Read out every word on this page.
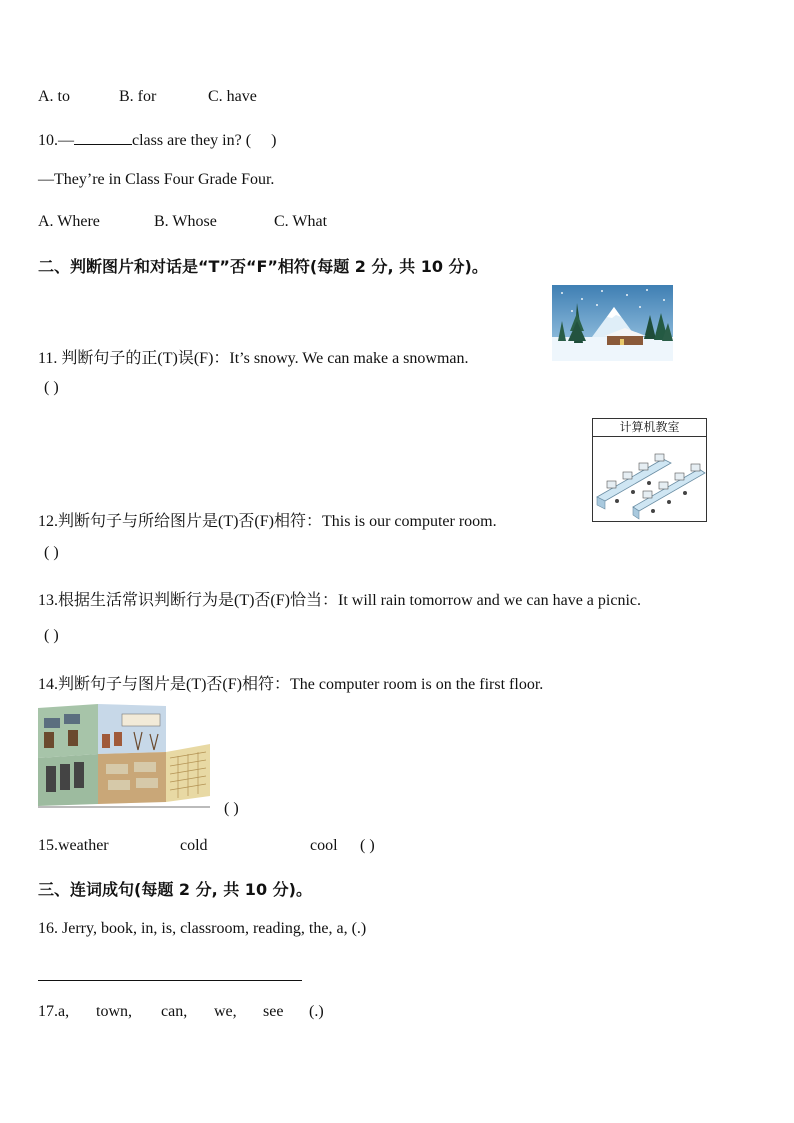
A. to	B. for	C. have
10.—	class are they in? ( )
—They’re in Class Four Grade Four.
A. Where	B. Whose	C. What
二、判断图片和对话是“T”否“F”相符(每题 2 分, 共 10 分)。
11. 判断句子的正(T)误(F)：It’s snowy. We can make a snowman.
( )
计算机教室
12.判断句子与所给图片是(T)否(F)相符：This is our computer room.
( )
13.根据生活常识判断行为是(T)否(F)恰当：It will rain tomorrow and we can have a picnic.
( )
14.判断句子与图片是(T)否(F)相符：The computer room is on the first floor.
( )
15.weather	cold	cool ( )
三、连词成句(每题 2 分, 共 10 分)。
16. Jerry, book, in, is, classroom, reading, the, a, (.)
17.a, town, can, we, see (.)
